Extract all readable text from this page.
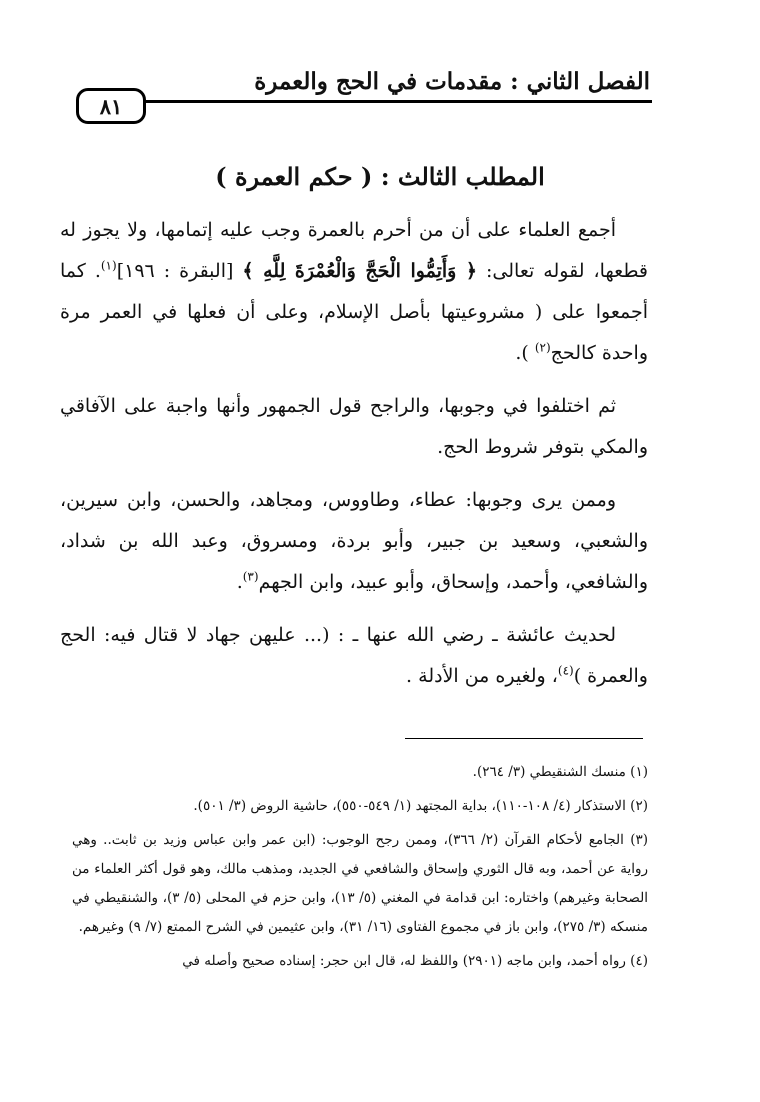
الفصل الثاني : مقدمات في الحج والعمرة
٨١
المطلب الثالث : ( حكم العمرة )

أجمع العلماء على أن من أحرم بالعمرة وجب عليه إتمامها، ولا يجوز له قطعها، لقوله تعالى: ﴿ وَأَتِمُّوا الْحَجَّ وَالْعُمْرَةَ لِلَّهِ ﴾ [البقرة : ١٩٦]$^{(١)}$. كما أجمعوا على ( مشروعيتها بأصل الإسلام، وعلى أن فعلها في العمر مرة واحدة كالحج$^{(٢)}$ ).

ثم اختلفوا في وجوبها، والراجح قول الجمهور وأنها واجبة على الآفاقي والمكي بتوفر شروط الحج.

وممن يرى وجوبها: عطاء، وطاووس، ومجاهد، والحسن، وابن سيرين، والشعبي، وسعيد بن جبير، وأبو بردة، ومسروق، وعبد الله بن شداد، والشافعي، وأحمد، وإسحاق، وأبو عبيد، وابن الجهم$^{(٣)}$.

لحديث عائشة ـ رضي الله عنها ـ : (... عليهن جهاد لا قتال فيه: الحج والعمرة )$^{(٤)}$، ولغيره من الأدلة .

(١) منسك الشنقيطي (٣/ ٢٦٤).

(٢) الاستذكار (٤/ ١٠٨-١١٠)، بداية المجتهد (١/ ٥٤٩-٥٥٠)، حاشية الروض (٣/ ٥٠١).

(٣) الجامع لأحكام القرآن (٢/ ٣٦٦)، وممن رجح الوجوب: (ابن عمر وابن عباس وزيد بن ثابت.. وهي رواية عن أحمد، وبه قال الثوري وإسحاق والشافعي في الجديد، ومذهب مالك، وهو قول أكثر العلماء من الصحابة وغيرهم) واختاره: ابن قدامة في المغني (٥/ ١٣)، وابن حزم في المحلى (٥/ ٣)، والشنقيطي في منسكه (٣/ ٢٧٥)، وابن باز في مجموع الفتاوى (١٦/ ٣١)، وابن عثيمين في الشرح الممتع (٧/ ٩) وغيرهم.

(٤) رواه أحمد، وابن ماجه (٢٩٠١) واللفظ له، قال ابن حجر: إسناده صحيح وأصله في
